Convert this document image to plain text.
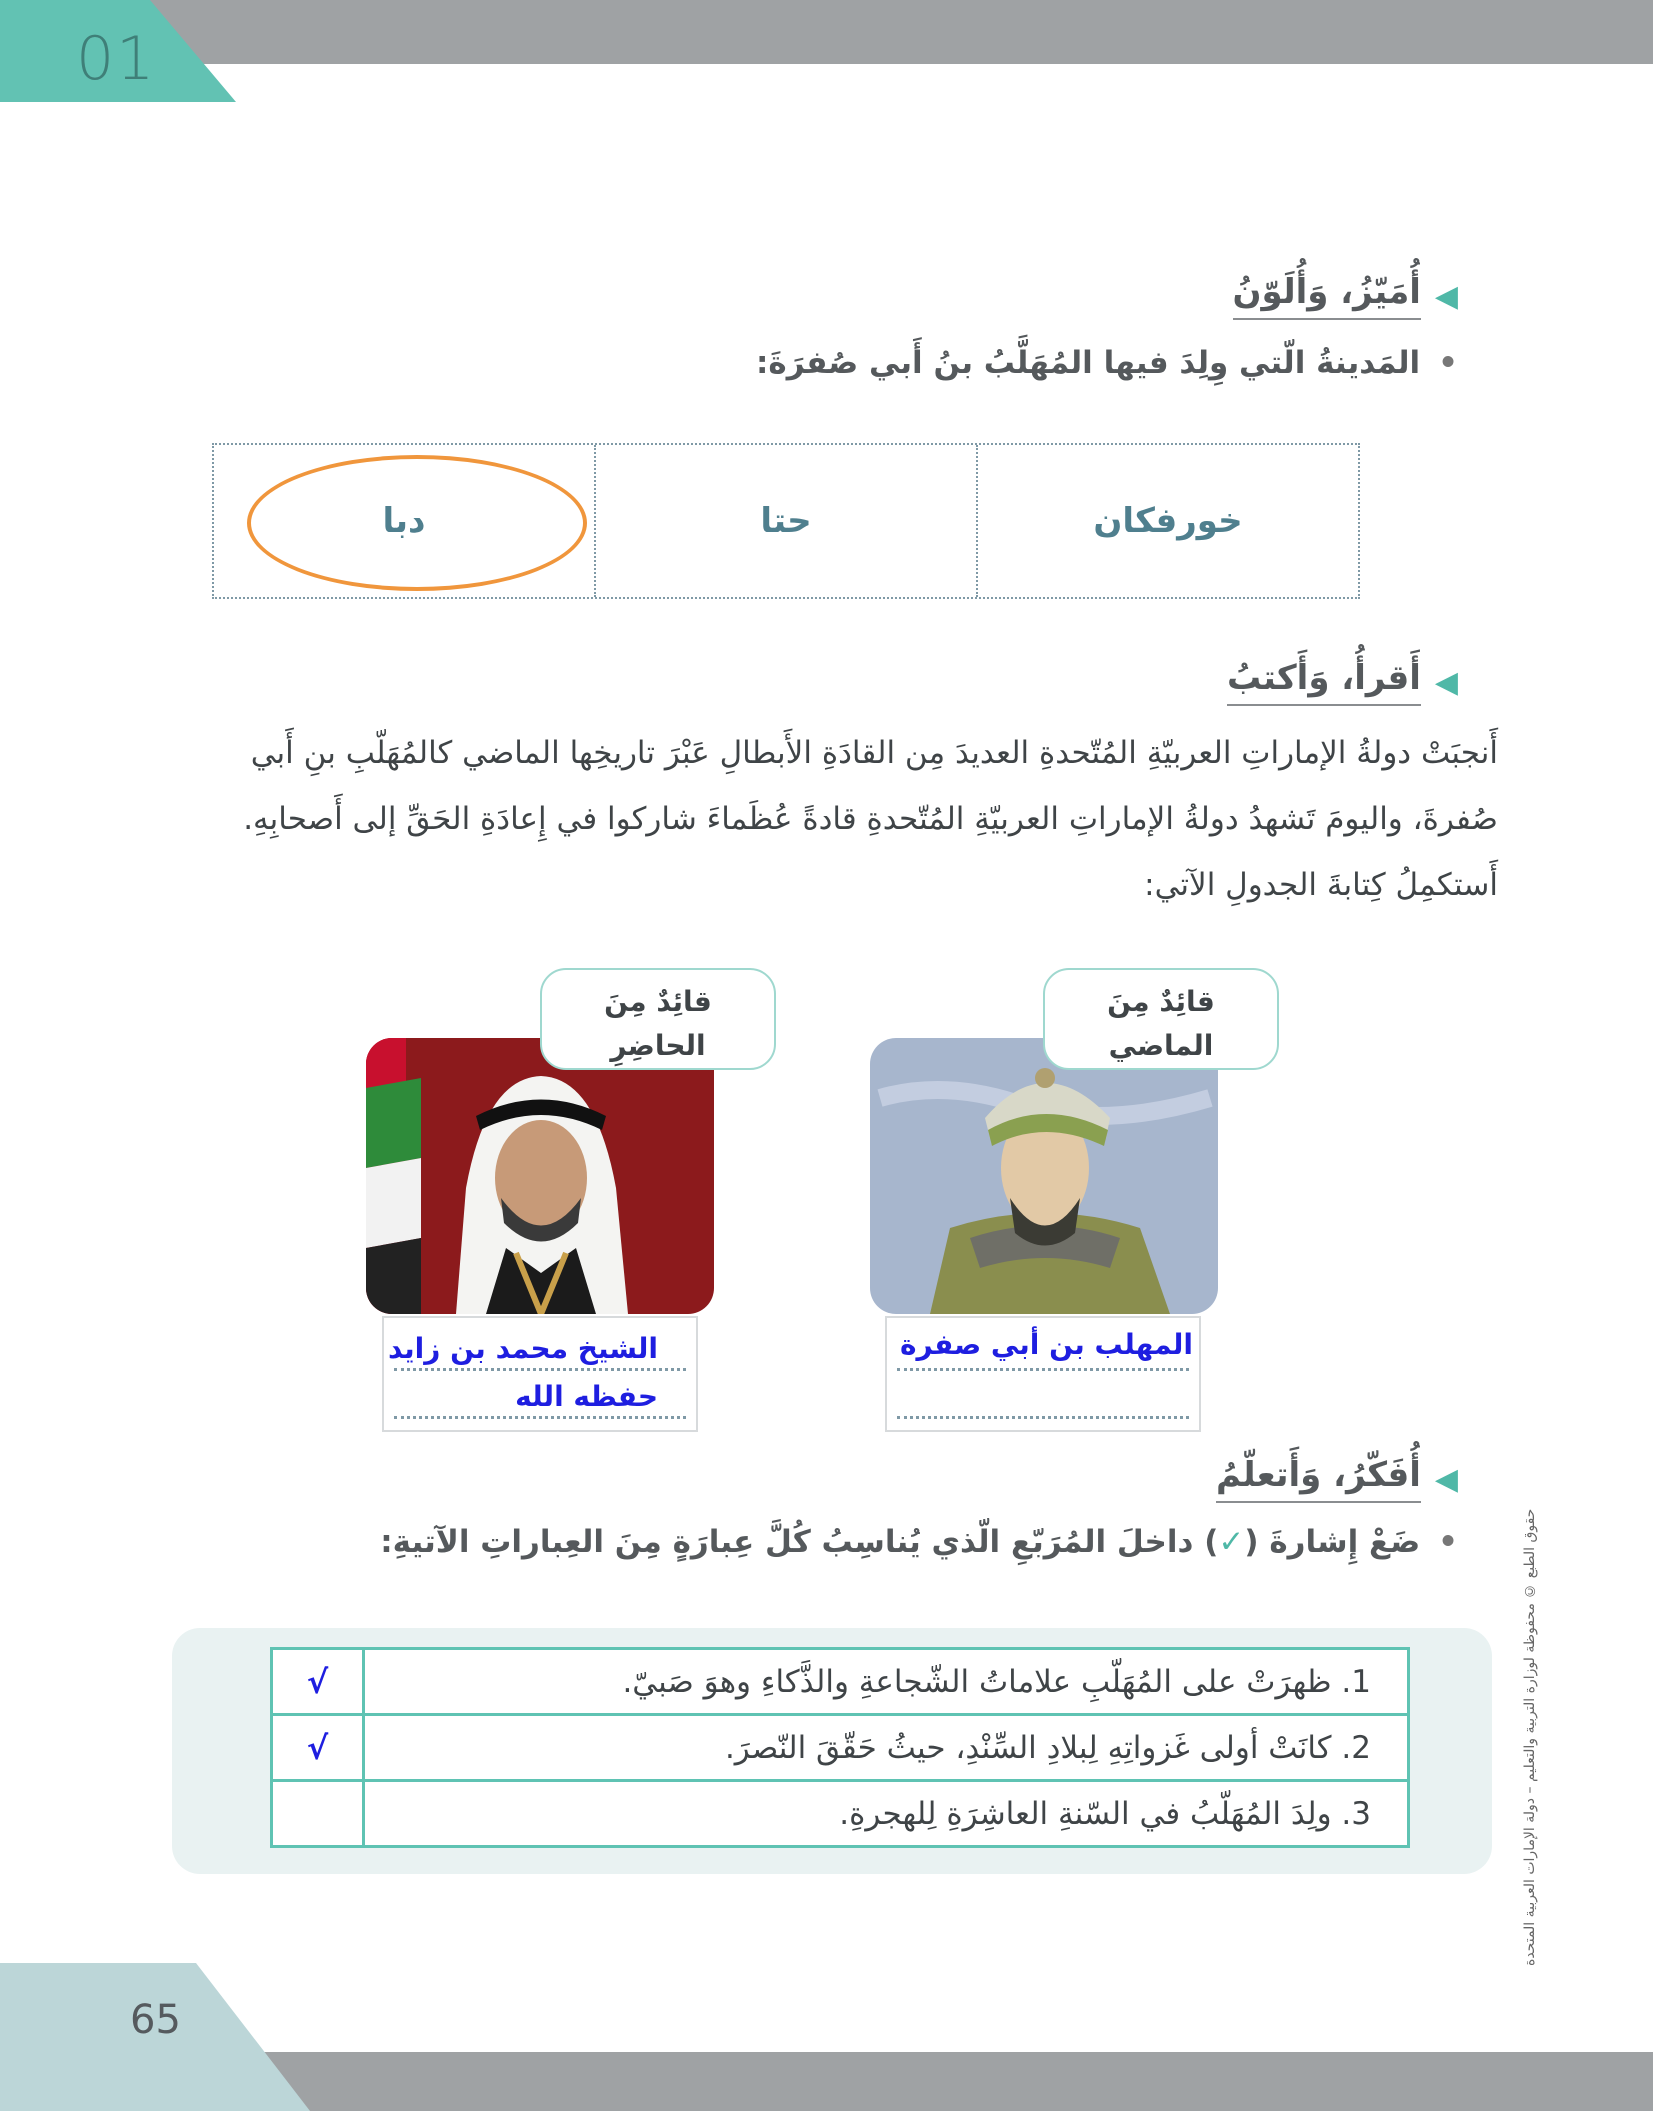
01
◀
أُمَيّزُ، وَأُلَوّنُ
•المَدينةُ الّتي وِلِدَ فيها المُهَلَّبُ بنُ أَبي صُفرَةَ:
خورفكان
حتا
دبا
◀
أَقرأُ، وَأَكتبُ
أَنجبَتْ دولةُ الإماراتِ العربيّةِ المُتّحدةِ العديدَ مِن القادَةِ الأَبطالِ عَبْرَ تاريخِها الماضي كالمُهَلّبِ بنِ أَبي
صُفرةَ، واليومَ تَشهدُ دولةُ الإماراتِ العربيّةِ المُتّحدةِ قادةً عُظَماءَ شاركوا في إِعادَةِ الحَقِّ إلى أَصحابِهِ.
أَستكمِلُ كِتابةَ الجدولِ الآتي:
قائِدٌ مِنَ
الحاضِرِ
الشيخ محمد بن زايد
حفظه الله
قائِدٌ مِنَ
الماضي
المهلب بن أبي صفرة
◀
أُفَكّرُ، وَأَتعلّمُ
•ضَعْ إِشارةَ (✓) داخلَ المُرَبّعِ الّذي يُناسِبُ كُلَّ عِبارَةٍ مِنَ العِباراتِ الآتيةِ:
1. ظهرَتْ على المُهَلّبِ علاماتُ الشّجاعةِ والذَّكاءِ وهوَ صَبيّ.	√
2. كانَتْ أولى غَزواتِهِ لِبلادِ السِّنْدِ، حيثُ حَقّقَ النّصرَ.	√
3. ولِدَ المُهَلّبُ في السّنةِ العاشِرَةِ لِلهجرةِ.		حقوق الطبع © محفوظة لوزارة التربية والتعليم – دولة الإمارات العربية المتحدة
65
